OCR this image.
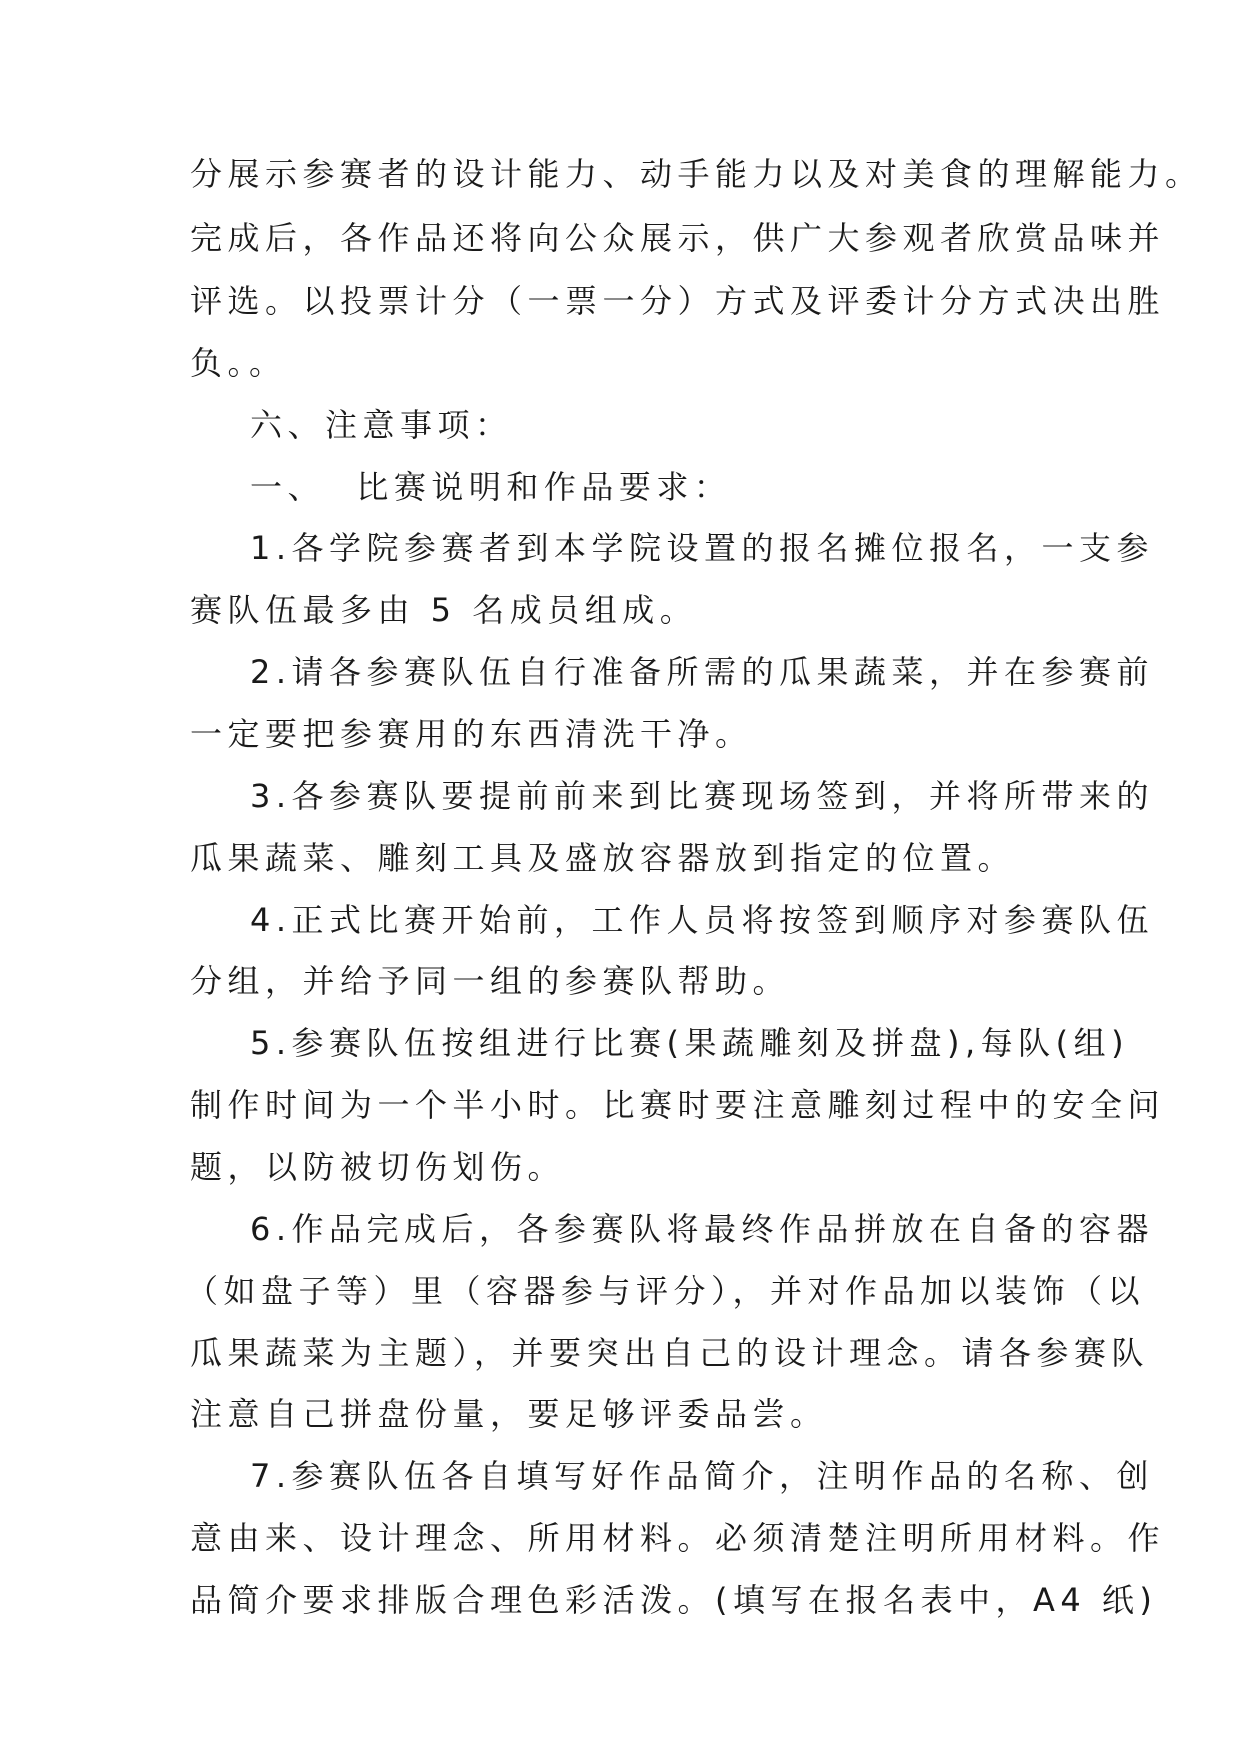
分展示参赛者的设计能力、动手能力以及对美食的理解能力。
完成后，各作品还将向公众展示，供广大参观者欣赏品味并
评选。以投票计分（一票一分）方式及评委计分方式决出胜
负。。
六、注意事项：
一、  比赛说明和作品要求：
1.各学院参赛者到本学院设置的报名摊位报名，一支参
赛队伍最多由 5 名成员组成。
2.请各参赛队伍自行准备所需的瓜果蔬菜，并在参赛前
一定要把参赛用的东西清洗干净。
3.各参赛队要提前前来到比赛现场签到，并将所带来的
瓜果蔬菜、雕刻工具及盛放容器放到指定的位置。
4.正式比赛开始前，工作人员将按签到顺序对参赛队伍
分组，并给予同一组的参赛队帮助。
5.参赛队伍按组进行比赛(果蔬雕刻及拼盘),每队(组)
制作时间为一个半小时。比赛时要注意雕刻过程中的安全问
题，以防被切伤划伤。
6.作品完成后，各参赛队将最终作品拼放在自备的容器
（如盘子等）里（容器参与评分），并对作品加以装饰（以
瓜果蔬菜为主题），并要突出自己的设计理念。请各参赛队
注意自己拼盘份量，要足够评委品尝。
7.参赛队伍各自填写好作品简介，注明作品的名称、创
意由来、设计理念、所用材料。必须清楚注明所用材料。作
品简介要求排版合理色彩活泼。(填写在报名表中，A4 纸)
